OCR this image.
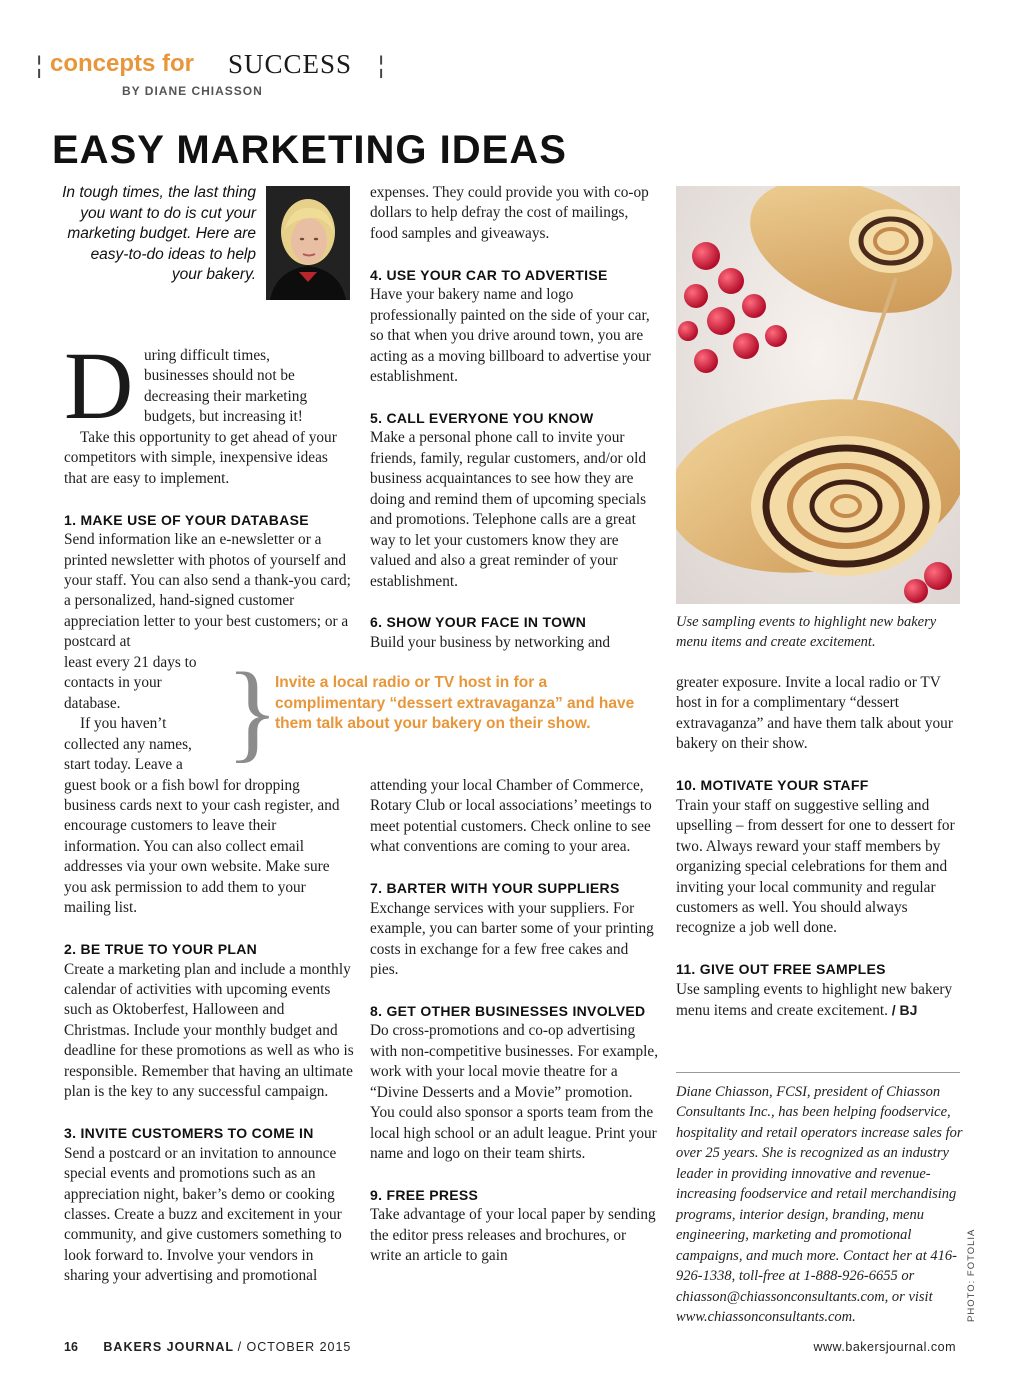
¦ concepts for SUCCESS ¦
BY DIANE CHIASSON
EASY MARKETING IDEAS

In tough times, the last thing you want to do is cut your marketing budget. Here are easy-to-do ideas to help your bakery.

D uring difficult times,

businesses should not be

decreasing their marketing

budgets, but increasing it!

Take this opportunity to get ahead of your competitors with simple, inexpensive ideas that are easy to implement.

1. MAKE USE OF YOUR DATABASE

Send information like an e-newsletter or a printed newsletter with photos of yourself and your staff. You can also send a thank-you card; a personalized, hand-signed customer appreciation letter to your best customers; or a postcard at

least every 21 days to

contacts in your

database.

If you haven’t

collected any names,

start today. Leave a

guest book or a fish bowl for dropping business cards next to your cash register, and encourage customers to leave their information. You can also collect email addresses via your own website. Make sure you ask permission to add them to your mailing list.

2. BE TRUE TO YOUR PLAN

Create a marketing plan and include a monthly calendar of activities with upcoming events such as Oktoberfest, Halloween and Christmas. Include your monthly budget and deadline for these promotions as well as who is responsible. Remember that having an ultimate plan is the key to any successful campaign.

3. INVITE CUSTOMERS TO COME IN

Send a postcard or an invitation to announce special events and promotions such as an appreciation night, baker’s demo or cooking classes. Create a buzz and excitement in your community, and give customers something to look forward to. Involve your vendors in sharing your advertising and promotional

}

Invite a local radio or TV host in for a complimentary “dessert extravaganza” and have them talk about your bakery on their show.

expenses. They could provide you with co-op dollars to help defray the cost of mailings, food samples and giveaways.

4. USE YOUR CAR TO ADVERTISE

Have your bakery name and logo professionally painted on the side of your car, so that when you drive around town, you are acting as a moving billboard to advertise your establishment.

5. CALL EVERYONE YOU KNOW

Make a personal phone call to invite your friends, family, regular customers, and/or old business acquaintances to see how they are doing and remind them of upcoming specials and promotions. Telephone calls are a great way to let your customers know they are valued and also a great reminder of your establishment.

6. SHOW YOUR FACE IN TOWN

Build your business by networking and

attending your local Chamber of Commerce, Rotary Club or local associations’ meetings to meet potential customers. Check online to see what conventions are coming to your area.

7. BARTER WITH YOUR SUPPLIERS

Exchange services with your suppliers. For example, you can barter some of your printing costs in exchange for a few free cakes and pies.

8. GET OTHER BUSINESSES INVOLVED

Do cross-promotions and co-op advertising with non-competitive businesses. For example, work with your local movie theatre for a “Divine Desserts and a Movie” promotion. You could also sponsor a sports team from the local high school or an adult league. Print your name and logo on their team shirts.

9. FREE PRESS

Take advantage of your local paper by sending the editor press releases and brochures, or write an article to gain

Use sampling events to highlight new bakery menu items and create excitement.

greater exposure. Invite a local radio or TV host in for a complimentary “dessert extravaganza” and have them talk about your bakery on their show.

10. MOTIVATE YOUR STAFF

Train your staff on suggestive selling and upselling – from dessert for one to dessert for two. Always reward your staff members by organizing special celebrations for them and inviting your local community and regular customers as well. You should always recognize a job well done.

11. GIVE OUT FREE SAMPLES

Use sampling events to highlight new bakery menu items and create excitement. / BJ

Diane Chiasson, FCSI, president of Chiasson Consultants Inc., has been helping foodservice, hospitality and retail operators increase sales for over 25 years. She is recognized as an industry leader in providing innovative and revenue-increasing foodservice and retail merchandising programs, interior design, branding, menu engineering, marketing and promotional campaigns, and much more. Contact her at 416-926-1338, toll-free at 1-888-926-6655 or chiasson@chiassonconsultants.com, or visit www.chiassonconsultants.com.	PHOTO: FOTOLIA
16 BAKERS JOURNAL / OCTOBER 2015	www.bakersjournal.com
